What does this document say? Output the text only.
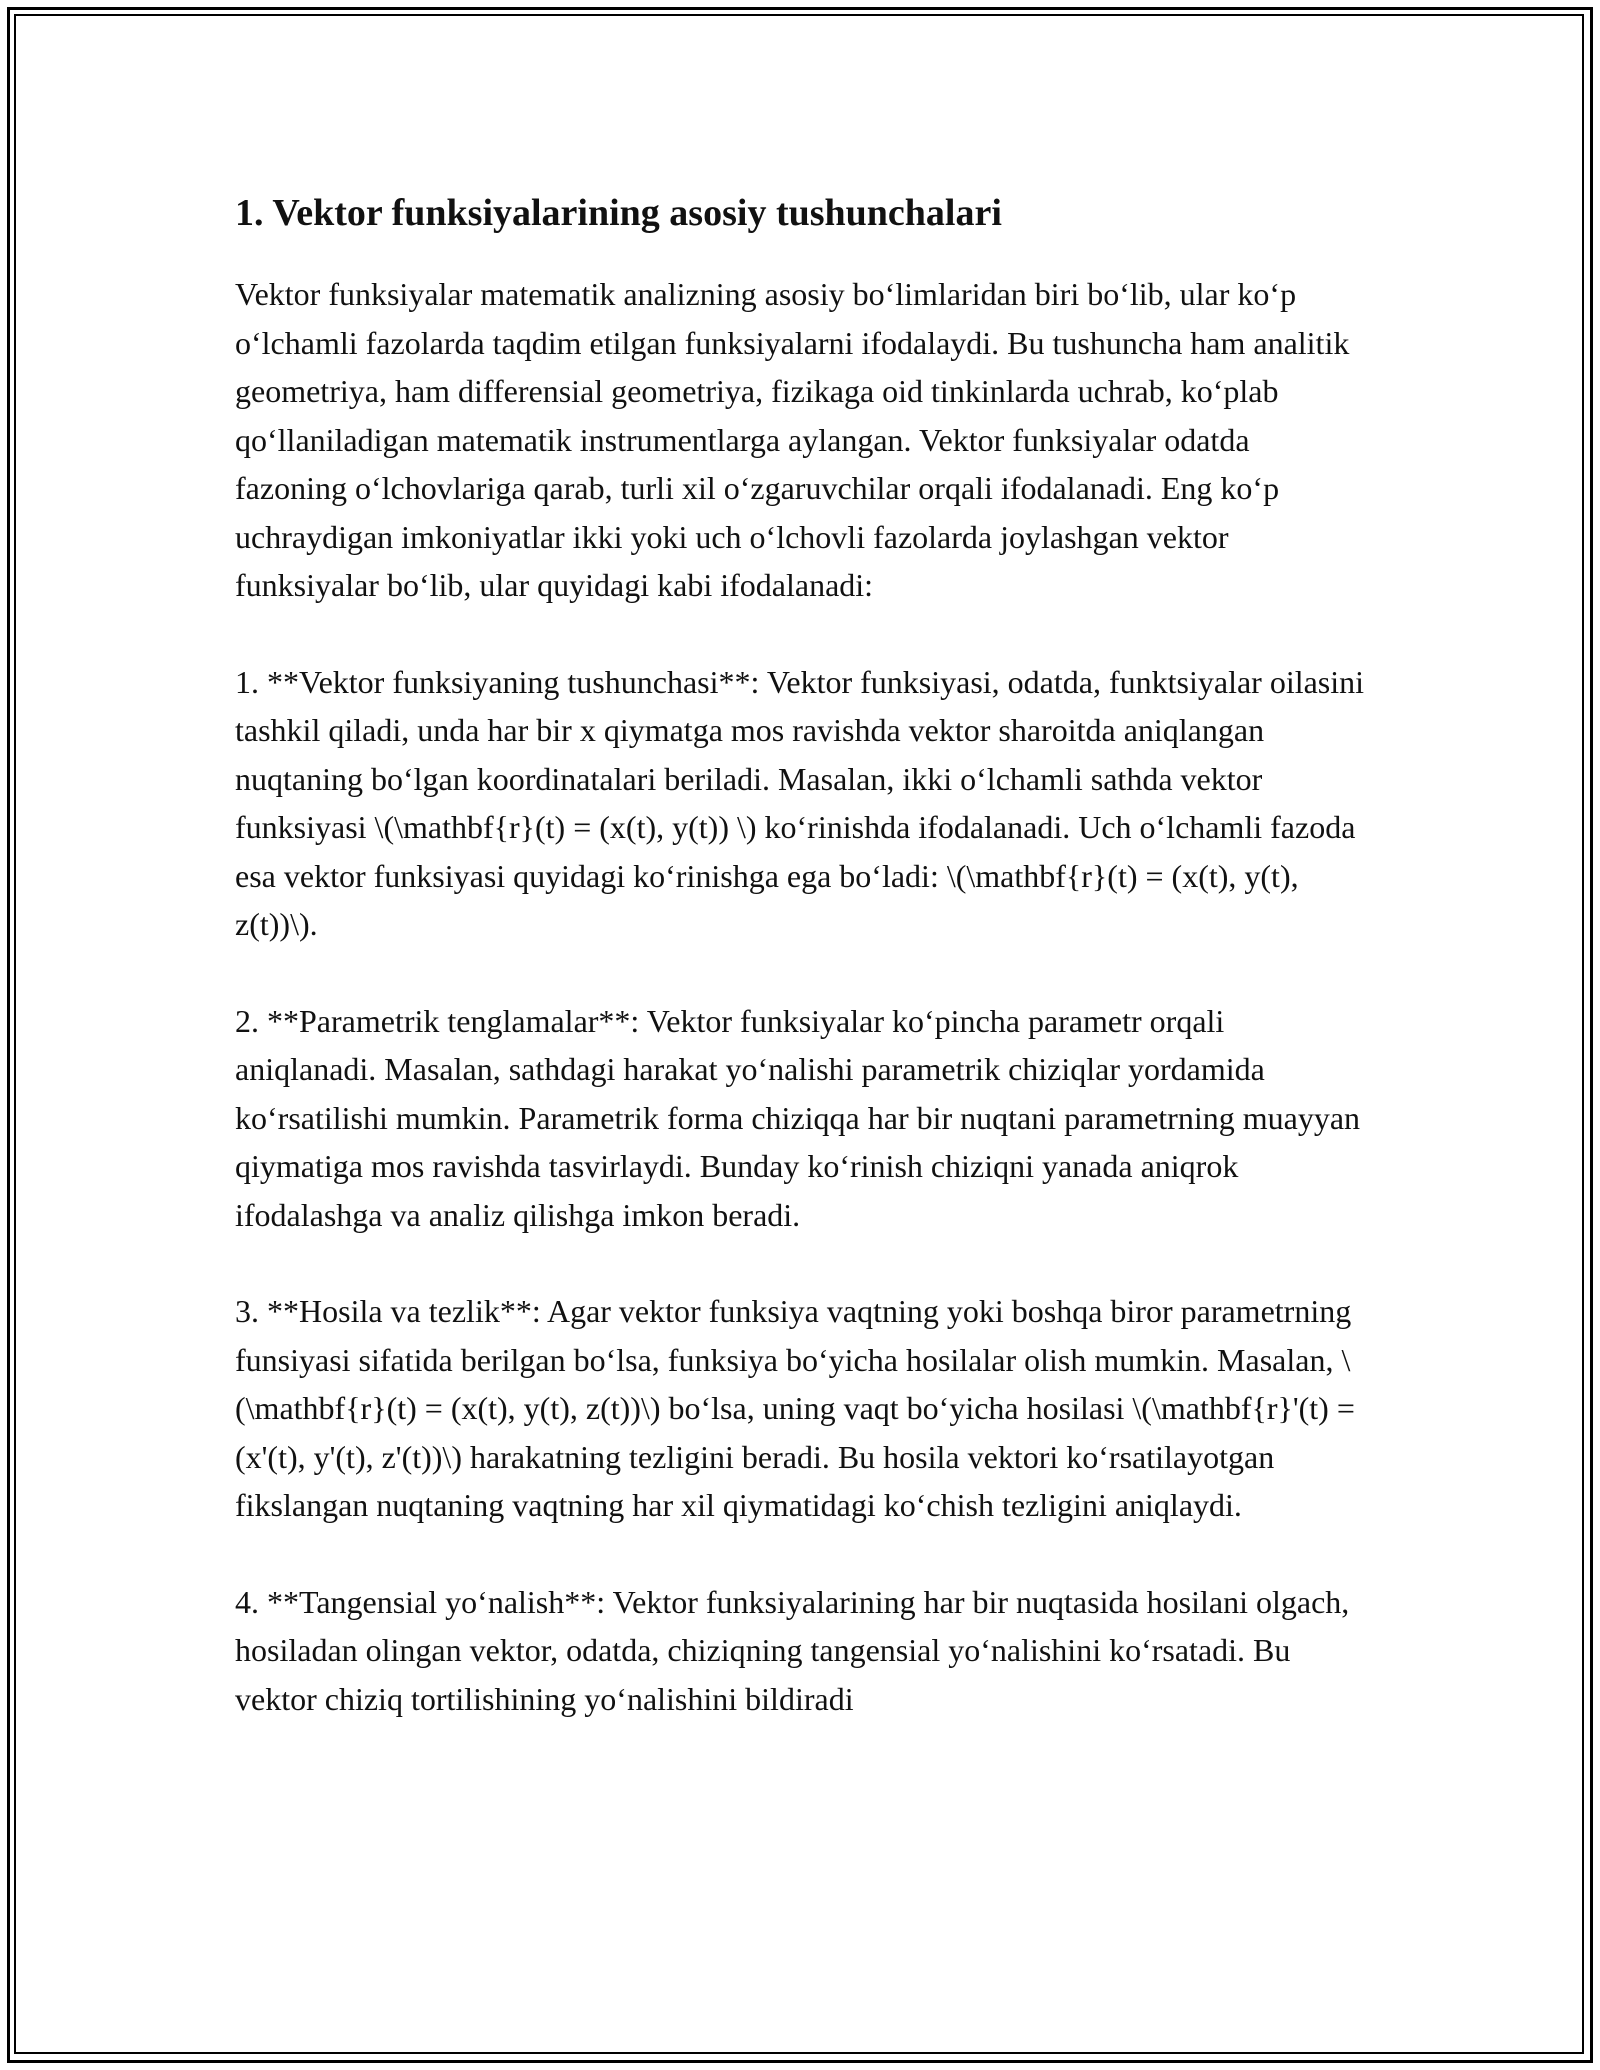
1. Vektor funksiyalarining asosiy tushunchalari

Vektor funksiyalar matematik analizning asosiy bo‘limlaridan biri bo‘lib, ular ko‘p o‘lchamli fazolarda taqdim etilgan funksiyalarni ifodalaydi. Bu tushuncha ham analitik geometriya, ham differensial geometriya, fizikaga oid tinkinlarda uchrab, ko‘plab qo‘llaniladigan matematik instrumentlarga aylangan. Vektor funksiyalar odatda fazoning o‘lchovlariga qarab, turli xil o‘zgaruvchilar orqali ifodalanadi. Eng ko‘p uchraydigan imkoniyatlar ikki yoki uch o‘lchovli fazolarda joylashgan vektor funksiyalar bo‘lib, ular quyidagi kabi ifodalanadi:

1. **Vektor funksiyaning tushunchasi**: Vektor funksiyasi, odatda, funktsiyalar oilasini tashkil qiladi, unda har bir x qiymatga mos ravishda vektor sharoitda aniqlangan nuqtaning bo‘lgan koordinatalari beriladi. Masalan, ikki o‘lchamli sathda vektor funksiyasi \(\mathbf{r}(t) = (x(t), y(t)) \) ko‘rinishda ifodalanadi. Uch o‘lchamli fazoda esa vektor funksiyasi quyidagi ko‘rinishga ega bo‘ladi: \(\mathbf{r}(t) = (x(t), y(t), z(t))\).

2. **Parametrik tenglamalar**: Vektor funksiyalar ko‘pincha parametr orqali aniqlanadi. Masalan, sathdagi harakat yo‘nalishi parametrik chiziqlar yordamida ko‘rsatilishi mumkin. Parametrik forma chiziqqa har bir nuqtani parametrning muayyan qiymatiga mos ravishda tasvirlaydi. Bunday ko‘rinish chiziqni yanada aniqrok ifodalashga va analiz qilishga imkon beradi.

3. **Hosila va tezlik**: Agar vektor funksiya vaqtning yoki boshqa biror parametrning funsiyasi sifatida berilgan bo‘lsa, funksiya bo‘yicha hosilalar olish mumkin. Masalan, \(\mathbf{r}(t) = (x(t), y(t), z(t))\) bo‘lsa, uning vaqt bo‘yicha hosilasi \(\mathbf{r}'(t) = (x'(t), y'(t), z'(t))\) harakatning tezligini beradi. Bu hosila vektori ko‘rsatilayotgan fikslangan nuqtaning vaqtning har xil qiymatidagi ko‘chish tezligini aniqlaydi.

4. **Tangensial yo‘nalish**: Vektor funksiyalarining har bir nuqtasida hosilani olgach, hosiladan olingan vektor, odatda, chiziqning tangensial yo‘nalishini ko‘rsatadi. Bu vektor chiziq tortilishining yo‘nalishini bildiradi
